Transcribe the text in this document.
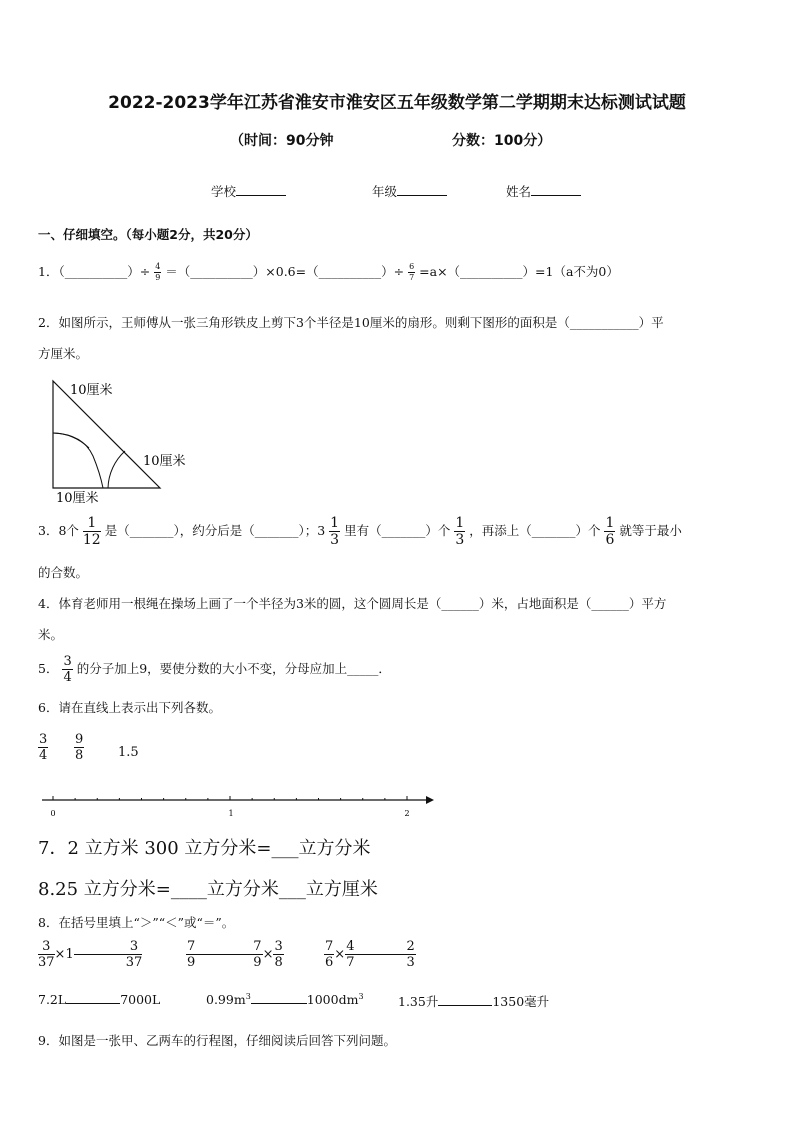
2022-2023学年江苏省淮安市淮安区五年级数学第二学期期末达标测试试题
（时间：90分钟	分数：100分）
学校	年级	姓名
一、仔细填空。（每小题2分，共20分）
1．（__________）÷ $\frac{4}{9}$ ＝（__________）×0.6=（__________）÷ $\frac{6}{7}$ =a×（__________）=1（a不为0）
2．如图所示，王师傅从一张三角形铁皮上剪下3个半径是10厘米的扇形。则剩下图形的面积是（___________）平
方厘米。
10厘米
10厘米
10厘米
3．8个 $\frac{1}{12}$ 是（_______），约分后是（_______）；$3 \frac{1}{3}$ 里有（_______）个 $\frac{1}{3}$ ，再添上（_______）个 $\frac{1}{6}$ 就等于最小
的合数。
4．体育老师用一根绳在操场上画了一个半径为3米的圆，这个圆周长是（______）米，占地面积是（______）平方
米。
5． $\frac{3}{4}$ 的分子加上9，要使分数的大小不变，分母应加上_____．
6．请在直线上表示出下列各数。
$\frac{3}{4} \frac{9}{8}$	1.5
0	1	2
7．2 立方米 300 立方分米=___立方分米
8.25 立方分米=____立方分米___立方厘米
8．在括号里填上“＞”“＜”或“＝”。
$\frac{3}{37} \times 1$	$\frac{3}{37}$	$\frac{7}{9}$	$\frac{7}{9} \times \frac{3}{8}$	$\frac{7}{6} \times \frac{4}{7}$	$\frac{2}{3}$
7.2L	7000L	$0.99m^3$	$1000dm^3$	1.35升	1350毫升
9．如图是一张甲、乙两车的行程图，仔细阅读后回答下列问题。
